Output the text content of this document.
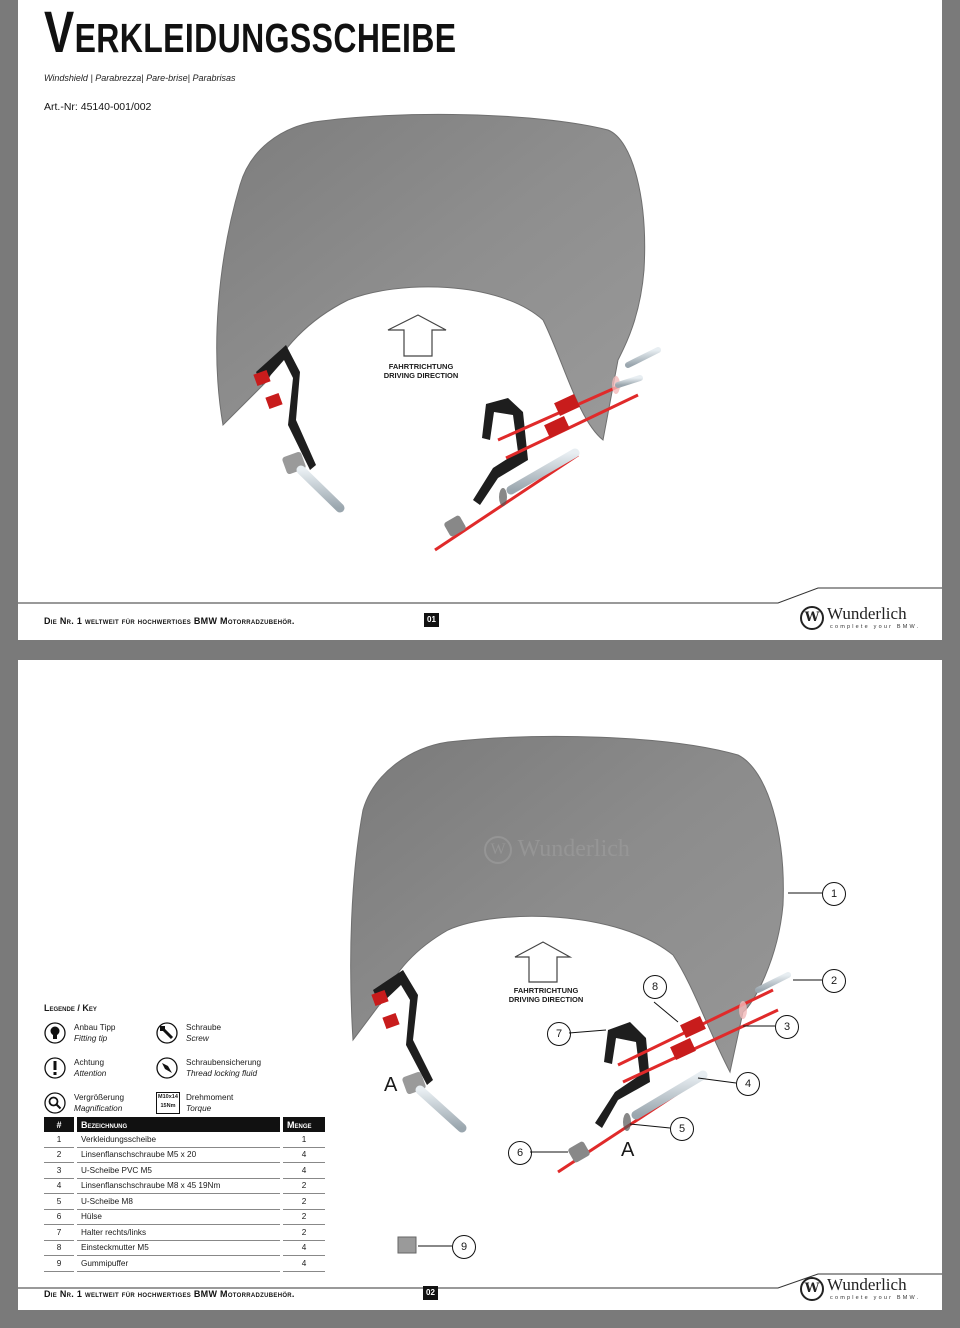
Verkleidungsscheibe
Windshield | Parabrezza| Pare-brise| Parabrisas
Art.-Nr: 45140-001/002
FAHRTRICHTUNG
DRIVING DIRECTION
Die Nr. 1 weltweit für hochwertiges BMW Motorradzubehör.	01	W Wunderlich
complete your BMW.
W Wunderlich
FAHRTRICHTUNG
DRIVING DIRECTION
A
A
1
2
3
4
5
6
7
8
9
Legende / Key
Anbau Tipp
Fitting tip
Schraube
Screw
Achtung
Attention
Schraubensicherung
Thread locking fluid
Vergrößerung
Magnification
M10x14
15Nm
Drehmoment
Torque
#		Bezeichnung		Menge
1		Verkleidungsscheibe		1
2		Linsenflanschschraube M5 x 20		4
3		U-Scheibe PVC M5		4
4		Linsenflanschschraube M8 x 45 19Nm		2
5		U-Scheibe M8		2
6		Hülse		2
7		Halter rechts/links		2
8		Einsteckmutter M5		4
9		Gummipuffer		4
Die Nr. 1 weltweit für hochwertiges BMW Motorradzubehör.	02	W Wunderlich
complete your BMW.
